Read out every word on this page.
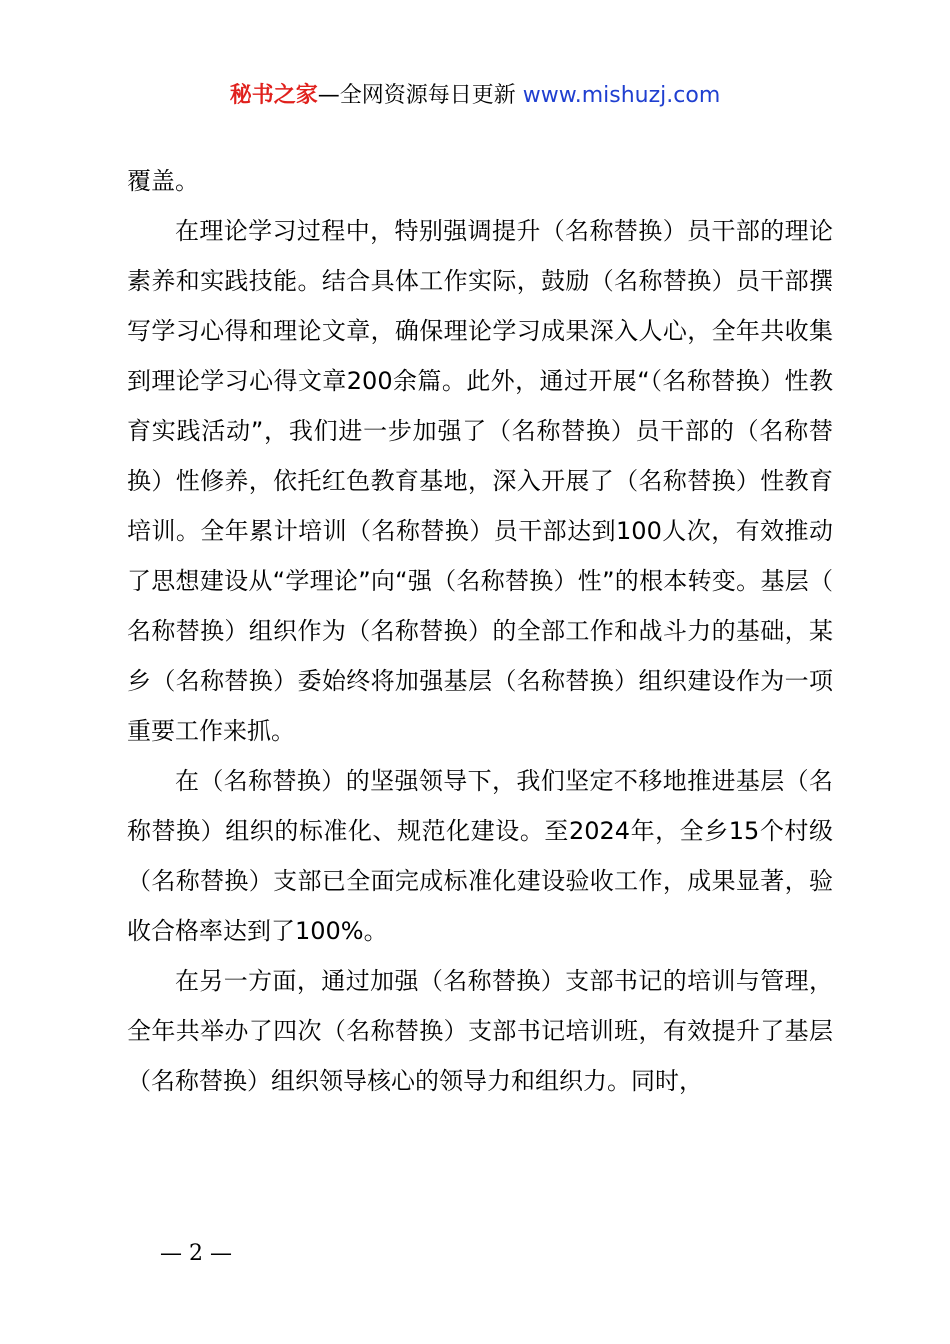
秘书之家—全网资源每日更新 www.mishuzj.com

覆盖。

在理论学习过程中，特别强调提升（名称替换）员干部的理论素养和实践技能。结合具体工作实际，鼓励（名称替换）员干部撰写学习心得和理论文章，确保理论学习成果深入人心，全年共收集到理论学习心得文章200余篇。此外，通过开展“（名称替换）性教育实践活动”，我们进一步加强了（名称替换）员干部的（名称替换）性修养，依托红色教育基地，深入开展了（名称替换）性教育培训。全年累计培训（名称替换）员干部达到100人次，有效推动了思想建设从“学理论”向“强（名称替换）性”的根本转变。基层（名称替换）组织作为（名称替换）的全部工作和战斗力的基础，某乡（名称替换）委始终将加强基层（名称替换）组织建设作为一项重要工作来抓。

在（名称替换）的坚强领导下，我们坚定不移地推进基层（名称替换）组织的标准化、规范化建设。至2024年，全乡15个村级（名称替换）支部已全面完成标准化建设验收工作，成果显著，验收合格率达到了100%。

在另一方面，通过加强（名称替换）支部书记的培训与管理，全年共举办了四次（名称替换）支部书记培训班，有效提升了基层（名称替换）组织领导核心的领导力和组织力。同时，

— 2 —
